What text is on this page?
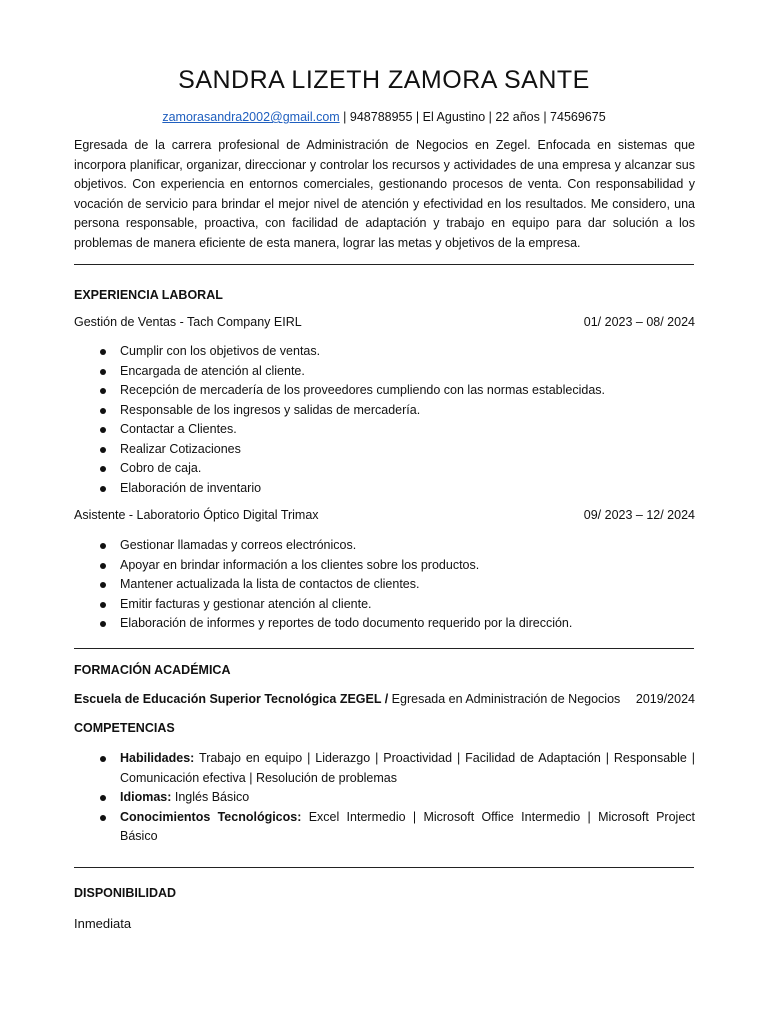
SANDRA LIZETH ZAMORA SANTE
zamorasandra2002@gmail.com | 948788955 | El Agustino | 22 años | 74569675
Egresada de la carrera profesional de Administración de Negocios en Zegel. Enfocada en sistemas que incorpora planificar, organizar, direccionar y controlar los recursos y actividades de una empresa y alcanzar sus objetivos. Con experiencia en entornos comerciales, gestionando procesos de venta. Con responsabilidad y vocación de servicio para brindar el mejor nivel de atención y efectividad en los resultados. Me considero, una persona responsable, proactiva, con facilidad de adaptación y trabajo en equipo para dar solución a los problemas de manera eficiente de esta manera, lograr las metas y objetivos de la empresa.
EXPERIENCIA LABORAL
Gestión de Ventas - Tach Company EIRL	01/ 2023 – 08/ 2024
Cumplir con los objetivos de ventas.
Encargada de atención al cliente.
Recepción de mercadería de los proveedores cumpliendo con las normas establecidas.
Responsable de los ingresos y salidas de mercadería.
Contactar a Clientes.
Realizar Cotizaciones
Cobro de caja.
Elaboración de inventario
Asistente - Laboratorio Óptico Digital Trimax	09/ 2023 – 12/ 2024
Gestionar llamadas y correos electrónicos.
Apoyar en brindar información a los clientes sobre los productos.
Mantener actualizada la lista de contactos de clientes.
Emitir facturas y gestionar atención al cliente.
Elaboración de informes y reportes de todo documento requerido por la dirección.
FORMACIÓN ACADÉMICA
Escuela de Educación Superior Tecnológica ZEGEL / Egresada en Administración de Negocios 2019/2024
COMPETENCIAS
Habilidades: Trabajo en equipo | Liderazgo | Proactividad | Facilidad de Adaptación | Responsable | Comunicación efectiva | Resolución de problemas
Idiomas: Inglés Básico
Conocimientos Tecnológicos: Excel Intermedio | Microsoft Office Intermedio | Microsoft Project Básico
DISPONIBILIDAD
Inmediata
